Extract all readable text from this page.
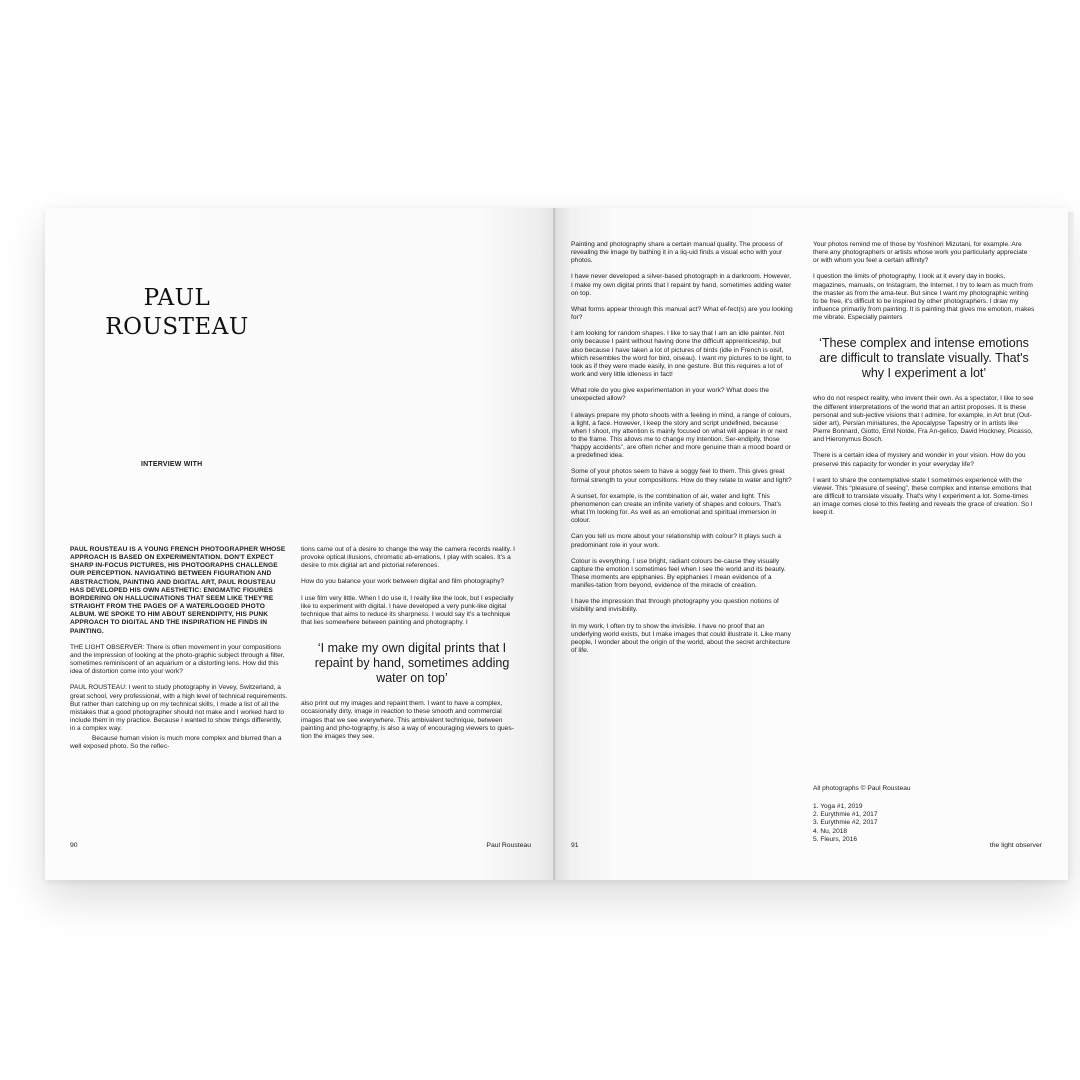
PAUL
ROUSTEAU
INTERVIEW WITH

PAUL ROUSTEAU IS A YOUNG FRENCH PHOTOGRAPHER WHOSE APPROACH IS BASED ON EXPERIMENTATION. DON'T EXPECT SHARP IN-FOCUS PICTURES, HIS PHOTOGRAPHS CHALLENGE OUR PERCEPTION. NAVIGATING BETWEEN FIGURATION AND ABSTRACTION, PAINTING AND DIGITAL ART, PAUL ROUSTEAU HAS DEVELOPED HIS OWN AESTHETIC: ENIGMATIC FIGURES BORDERING ON HALLUCINATIONS THAT SEEM LIKE THEY'RE STRAIGHT FROM THE PAGES OF A WATERLOGGED PHOTO ALBUM. WE SPOKE TO HIM ABOUT SERENDIPITY, HIS PUNK APPROACH TO DIGITAL AND THE INSPIRATION HE FINDS IN PAINTING.

THE LIGHT OBSERVER: There is often movement in your compositions and the impression of looking at the photo-graphic subject through a filter, sometimes reminiscent of an aquarium or a distorting lens. How did this idea of distortion come into your work?

PAUL ROUSTEAU: I went to study photography in Vevey, Switzerland, a great school, very professional, with a high level of technical requirements. But rather than catching up on my technical skills, I made a list of all the mistakes that a good photographer should not make and I worked hard to include them in my practice. Because I wanted to show things differently, in a complex way.

Because human vision is much more complex and blurred than a well exposed photo. So the reflec-

tions came out of a desire to change the way the camera records reality. I provoke optical illusions, chromatic ab-errations, I play with scales. It's a desire to mix digital art and pictorial references.

How do you balance your work between digital and film photography?

I use film very little. When I do use it, I really like the look, but I especially like to experiment with digital. I have developed a very punk-like digital technique that aims to reduce its sharpness. I would say it's a technique that lies somewhere between painting and photography. I

‘I make my own digital prints that I repaint by hand, sometimes adding water on top’

also print out my images and repaint them. I want to have a complex, occasionally dirty, image in reaction to these smooth and commercial images that we see everywhere. This ambivalent technique, between painting and pho-tography, is also a way of encouraging viewers to ques-tion the images they see.

90	Paul Rousteau

Painting and photography share a certain manual quality. The process of revealing the image by bathing it in a liq-uid finds a visual echo with your photos.

I have never developed a silver-based photograph in a darkroom. However, I make my own digital prints that I repaint by hand, sometimes adding water on top.

What forms appear through this manual act? What ef-fect(s) are you looking for?

I am looking for random shapes. I like to say that I am an idle painter. Not only because I paint without having done the difficult apprenticeship, but also because I have taken a lot of pictures of birds (idle in French is oisif, which resembles the word for bird, oiseau). I want my pictures to be light, to look as if they were made easily, in one gesture. But this requires a lot of work and very little idleness in fact!

What role do you give experimentation in your work? What does the unexpected allow?

I always prepare my photo shoots with a feeling in mind, a range of colours, a light, a face. However, I keep the story and script undefined, because when I shoot, my attention is mainly focused on what will appear in or next to the frame. This allows me to change my intention. Ser-endipity, those “happy accidents”, are often richer and more genuine than a mood board or a predefined idea.

Some of your photos seem to have a soggy feel to them. This gives great formal strength to your compositions. How do they relate to water and light?

A sunset, for example, is the combination of air, water and light. This phenomenon can create an infinite variety of shapes and colours. That's what I'm looking for. As well as an emotional and spiritual immersion in colour.

Can you tell us more about your relationship with colour? It plays such a predominant role in your work.

Colour is everything. I use bright, radiant colours be-cause they visually capture the emotion I sometimes feel when I see the world and its beauty. These moments are epiphanies. By epiphanies I mean evidence of a manifes-tation from beyond, evidence of the miracle of creation.

I have the impression that through photography you question notions of visibility and invisibility.

In my work, I often try to show the invisible. I have no proof that an underlying world exists, but I make images that could illustrate it. Like many people, I wonder about the origin of the world, about the secret architecture of life.

Your photos remind me of those by Yoshinori Mizutani, for example. Are there any photographers or artists whose work you particularly appreciate or with whom you feel a certain affinity?

I question the limits of photography, I look at it every day in books, magazines, manuals, on Instagram, the Internet. I try to learn as much from the master as from the ama-teur. But since I want my photographic writing to be free, it's difficult to be inspired by other photographers. I draw my influence primarily from painting. It is painting that gives me emotion, makes me vibrate. Especially painters

‘These complex and intense emotions are difficult to translate visually. That's why I experiment a lot’

who do not respect reality, who invent their own. As a spectator, I like to see the different interpretations of the world that an artist proposes. It is these personal and sub-jective visions that I admire, for example, in Art brut (Out-sider art), Persian miniatures, the Apocalypse Tapestry or in artists like Pierre Bonnard, Giotto, Emil Nolde, Fra An-gelico, David Hockney, Picasso, and Hieronymus Bosch.

There is a certain idea of mystery and wonder in your vision. How do you preserve this capacity for wonder in your everyday life?

I want to share the contemplative state I sometimes experience with the viewer. This “pleasure of seeing”, these complex and intense emotions that are difficult to translate visually. That's why I experiment a lot. Some-times an image comes close to this feeling and reveals the grace of creation. So I keep it.

All photographs © Paul Rousteau

1. Yoga #1, 2019
2. Eurythmie #1, 2017
3. Eurythmie #2, 2017
4. Nu, 2018
5. Fleurs, 2016
91	the light observer
